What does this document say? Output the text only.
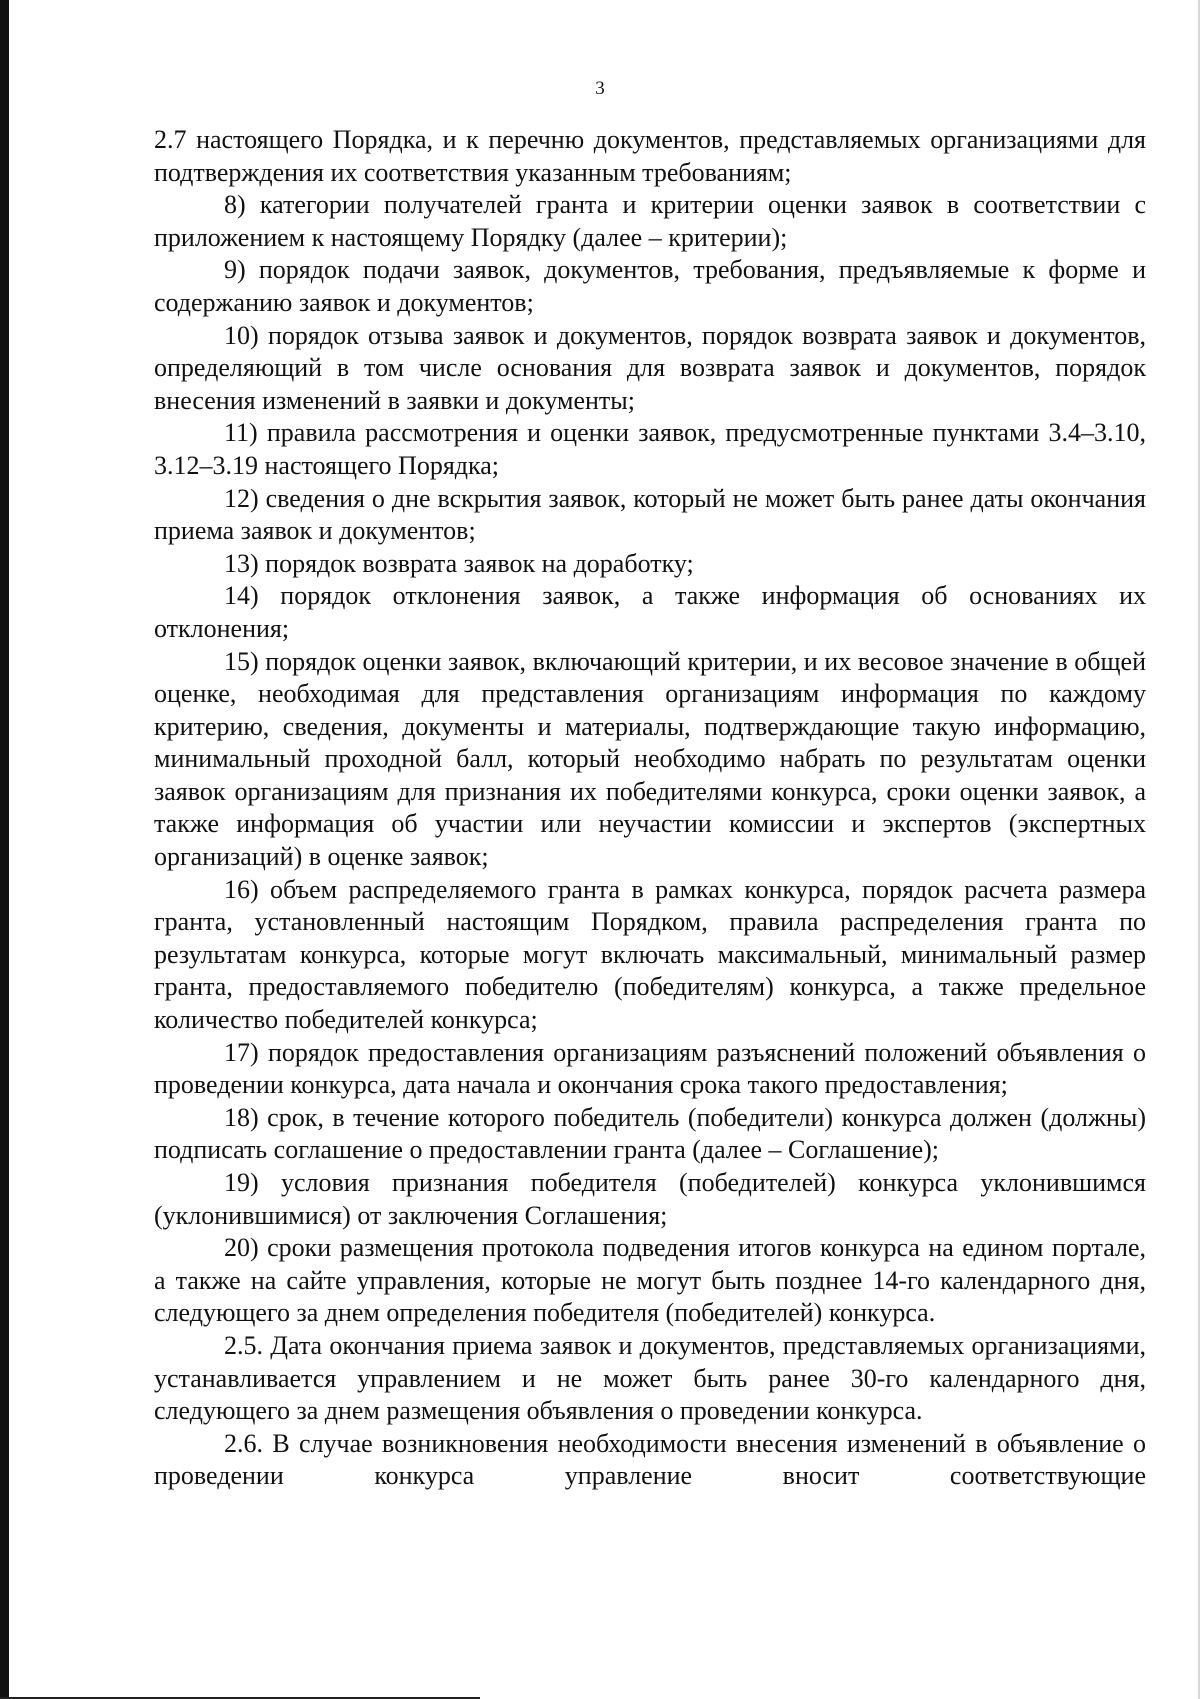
3

2.7 настоящего Порядка, и к перечню документов, представляемых организациями для подтверждения их соответствия указанным требованиям;

8) категории получателей гранта и критерии оценки заявок в соответствии с приложением к настоящему Порядку (далее – критерии);

9) порядок подачи заявок, документов, требования, предъявляемые к форме и содержанию заявок и документов;

10) порядок отзыва заявок и документов, порядок возврата заявок и документов, определяющий в том числе основания для возврата заявок и документов, порядок внесения изменений в заявки и документы;

11) правила рассмотрения и оценки заявок, предусмотренные пунктами 3.4–3.10, 3.12–3.19 настоящего Порядка;

12) сведения о дне вскрытия заявок, который не может быть ранее даты окончания приема заявок и документов;

13) порядок возврата заявок на доработку;

14) порядок отклонения заявок, а также информация об основаниях их отклонения;

15) порядок оценки заявок, включающий критерии, и их весовое значение в общей оценке, необходимая для представления организациям информация по каждому критерию, сведения, документы и материалы, подтверждающие такую информацию, минимальный проходной балл, который необходимо набрать по результатам оценки заявок организациям для признания их победителями конкурса, сроки оценки заявок, а также информация об участии или неучастии комиссии и экспертов (экспертных организаций) в оценке заявок;

16) объем распределяемого гранта в рамках конкурса, порядок расчета размера гранта, установленный настоящим Порядком, правила распределения гранта по результатам конкурса, которые могут включать максимальный, минимальный размер гранта, предоставляемого победителю (победителям) конкурса, а также предельное количество победителей конкурса;

17) порядок предоставления организациям разъяснений положений объявления о проведении конкурса, дата начала и окончания срока такого предоставления;

18) срок, в течение которого победитель (победители) конкурса должен (должны) подписать соглашение о предоставлении гранта (далее – Соглашение);

19) условия признания победителя (победителей) конкурса уклонившимся (уклонившимися) от заключения Соглашения;

20) сроки размещения протокола подведения итогов конкурса на едином портале, а также на сайте управления, которые не могут быть позднее 14-го календарного дня, следующего за днем определения победителя (победителей) конкурса.

2.5. Дата окончания приема заявок и документов, представляемых организациями, устанавливается управлением и не может быть ранее 30-го календарного дня, следующего за днем размещения объявления о проведении конкурса.

2.6. В случае возникновения необходимости внесения изменений в объявление о проведении конкурса управление вносит соответствующие
